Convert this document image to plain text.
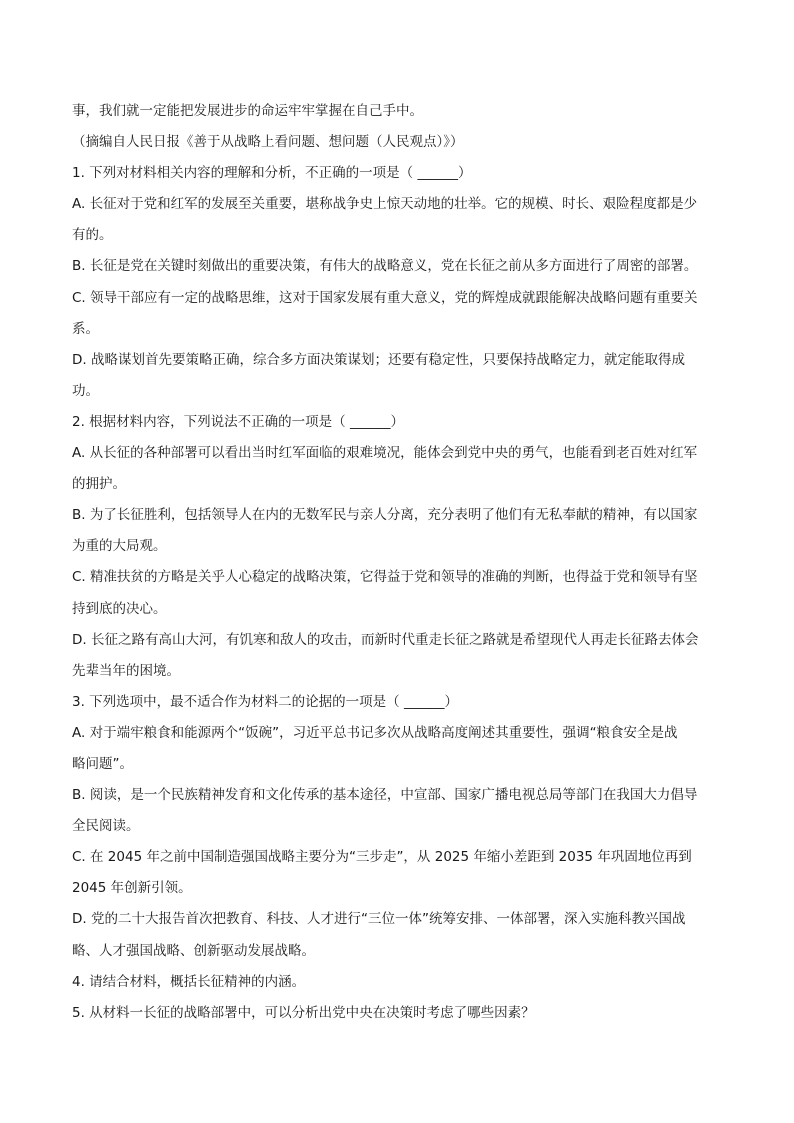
事，我们就一定能把发展进步的命运牢牢掌握在自己手中。

（摘编自人民日报《善于从战略上看问题、想问题（人民观点）》）

1. 下列对材料相关内容的理解和分析，不正确的一项是（ ______）

A. 长征对于党和红军的发展至关重要，堪称战争史上惊天动地的壮举。它的规模、时长、艰险程度都是少

有的。

B. 长征是党在关键时刻做出的重要决策，有伟大的战略意义，党在长征之前从多方面进行了周密的部署。

C. 领导干部应有一定的战略思维，这对于国家发展有重大意义，党的辉煌成就跟能解决战略问题有重要关

系。

D. 战略谋划首先要策略正确，综合多方面决策谋划；还要有稳定性，只要保持战略定力，就定能取得成

功。

2. 根据材料内容，下列说法不正确的一项是（ ______）

A. 从长征的各种部署可以看出当时红军面临的艰难境况，能体会到党中央的勇气，也能看到老百姓对红军

的拥护。

B. 为了长征胜利，包括领导人在内的无数军民与亲人分离，充分表明了他们有无私奉献的精神，有以国家

为重的大局观。

C. 精准扶贫的方略是关乎人心稳定的战略决策，它得益于党和领导的准确的判断，也得益于党和领导有坚

持到底的决心。

D. 长征之路有高山大河，有饥寒和敌人的攻击，而新时代重走长征之路就是希望现代人再走长征路去体会

先辈当年的困境。

3. 下列选项中，最不适合作为材料二的论据的一项是（ ______）

A. 对于端牢粮食和能源两个“饭碗”，习近平总书记多次从战略高度阐述其重要性，强调“粮食安全是战

略问题”。

B. 阅读，是一个民族精神发育和文化传承的基本途径，中宣部、国家广播电视总局等部门在我国大力倡导

全民阅读。

C. 在 2045 年之前中国制造强国战略主要分为“三步走”，从 2025 年缩小差距到 2035 年巩固地位再到

2045 年创新引领。

D. 党的二十大报告首次把教育、科技、人才进行“三位一体”统筹安排、一体部署，深入实施科教兴国战

略、人才强国战略、创新驱动发展战略。

4. 请结合材料，概括长征精神的内涵。

5. 从材料一长征的战略部署中，可以分析出党中央在决策时考虑了哪些因素？
